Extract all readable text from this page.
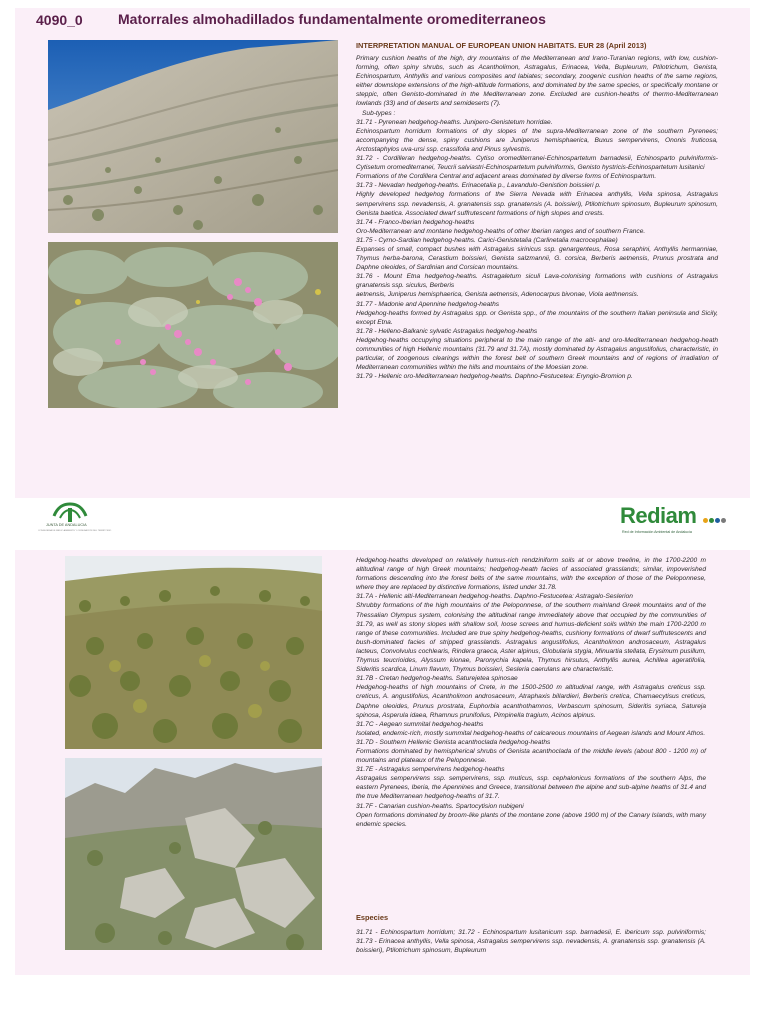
4090_0	Matorrales almohadillados fundamentalmente oromediterraneos
INTERPRETATION MANUAL OF EUROPEAN UNION HABITATS. EUR 28 (April 2013)

Primary cushion heaths of the high, dry mountains of the Mediterranean and Irano-Turanian regions, with low, cushion-forming, often spiny shrubs, such as Acantholimon, Astragalus, Erinacea, Vella, Bupleurum, Ptilotrichum, Genista, Echinospartum, Anthyllis and various composites and labiates; secondary, zoogenic cushion heaths of the same regions, either downslope extensions of the high-altitude formations, and dominated by the same species, or specifically montane or steppic, often Genisto-dominated in the Mediterranean zone. Excluded are cushion-heaths of thermo-Mediterranean lowlands (33) and of deserts and semideserts (7).

Sub-types :

31.71 - Pyrenean hedgehog-heaths. Junipero-Genistetum horridae.

Echinospartum horridum formations of dry slopes of the supra-Mediterranean zone of the southern Pyrenees; accompanying the dense, spiny cushions are Juniperus hemisphaerica, Buxus sempervirens, Ononis fruticosa, Arctostaphylos uva-ursi ssp. crassifolia and Pinus sylvestris.

31.72 - Cordilleran hedgehog-heaths. Cytiso oromediterranei-Echinospartetum barnadesii, Echinosparto pulviniformis-Cytisetum oromediterranei, Teucrii salviastri-Echinospartetum pulviniformis, Genisto hystricis-Echinospartetum lusitanici

Formations of the Cordillera Central and adjacent areas dominated by diverse forms of Echinospartum.

31.73 - Nevadan hedgehog-heaths. Erinacetalia p., Lavandulo-Genistion boissieri p.

Highly developed hedgehog formations of the Sierra Nevada with Erinacea anthyllis, Vella spinosa, Astragalus sempervirens ssp. nevadensis, A. granatensis ssp. granatensis (A. boissieri), Ptilotrichum spinosum, Bupleurum spinosum, Genista baetica. Associated dwarf suffrutescent formations of high slopes and crests.

31.74 - Franco-Iberian hedgehog-heaths

Oro-Mediterranean and montane hedgehog-heaths of other Iberian ranges and of southern France.

31.75 - Cyrno-Sardian hedgehog-heaths. Carici-Genistetalia (Carlinetalia macrocephalae)

Expanses of small, compact bushes with Astragalus sirinicus ssp. genargenteus, Rosa seraphini, Anthyllis hermanniae, Thymus herba-barona, Cerastium boissieri, Genista salzmannii, G. corsica, Berberis aetnensis, Prunus prostrata and Daphne oleoides, of Sardinian and Corsican mountains.

31.76 - Mount Etna hedgehog-heaths. Astragaletum siculi Lava-colonising formations with cushions of Astragalus granatensis ssp. siculus, Berberis

aetnensis, Juniperus hemisphaerica, Genista aetnensis, Adenocarpus bivonae, Viola aethnensis.

31.77 - Madonie and Apennine hedgehog-heaths

Hedgehog-heaths formed by Astragalus spp. or Genista spp., of the mountains of the southern Italian peninsula and Sicily, except Etna.

31.78 - Helleno-Balkanic sylvatic Astragalus hedgehog-heaths

Hedgehog-heaths occupying situations peripheral to the main range of the alti- and oro-Mediterranean hedgehog-heath communities of high Hellenic mountains (31.79 and 31.7A), mostly dominated by Astragalus angustifolius, characteristic, in particular, of zoogenous clearings within the forest belt of southern Greek mountains and of regions of irradiation of Mediterranean communities within the hills and mountains of the Moesian zone.

31.79 - Hellenic oro-Mediterranean hedgehog-heaths. Daphno-Festucetea: Eryngio-Bromion p.

JUNTA DE ANDALUCIA
CONSEJERÍA DE MEDIO AMBIENTE Y ORDENACIÓN DEL TERRITORIO
Rediam
Red de Información Ambiental de Andalucía

Hedgehog-heaths developed on relatively humus-rich rendziniform soils at or above treeline, in the 1700-2200 m altitudinal range of high Greek mountains; hedgehog-heath facies of associated grasslands; similar, impoverished formations descending into the forest belts of the same mountains, with the exception of those of the Peloponnese, where they are replaced by distinctive formations, listed under 31.78.

31.7A - Hellenic alti-Mediterranean hedgehog-heaths. Daphno-Festucetea: Astragalo-Seslerion

Shrubby formations of the high mountains of the Peloponnese, of the southern mainland Greek mountains and of the Thessalian Olympus system, colonising the altitudinal range immediately above that occupied by the communities of 31.79, as well as stony slopes with shallow soil, loose screes and humus-deficient soils within the main 1700-2200 m range of these communities. Included are true spiny hedgehog-heaths, cushiony formations of dwarf suffrutescents and bush-dominated facies of stripped grasslands. Astragalus angustifolius, Acantholimon androsaceum, Astragalus lacteus, Convolvulus cochlearis, Rindera graeca, Aster alpinus, Globularia stygia, Minuartia stellata, Erysimum pusillum, Thymus teucrioides, Alyssum kionae, Paronychia kapela, Thymus hirsutus, Anthyllis aurea, Achillea ageratifolia, Sideritis scardica, Linum flavum, Thymus boissieri, Sesleria caerulans are characteristic.

31.7B - Cretan hedgehog-heaths. Saturejetea spinosae

Hedgehog-heaths of high mountains of Crete, in the 1500-2500 m altitudinal range, with Astragalus creticus ssp. creticus, A. angustifolius, Acantholimon androsaceum, Atraphaxis billardieri, Berberis cretica, Chamaecytisus creticus, Daphne oleoides, Prunus prostrata, Euphorbia acanthothamnos, Verbascum spinosum, Sideritis syriaca, Satureja spinosa, Asperula idaea, Rhamnus prunifolius, Pimpinella tragium, Acinos alpinus.

31.7C - Aegean summital hedgehog-heaths

Isolated, endemic-rich, mostly summital hedgehog-heaths of calcareous mountains of Aegean islands and Mount Athos.

31.7D - Southern Hellenic Genista acanthoclada hedgehog-heaths

Formations dominated by hemispherical shrubs of Genista acanthoclada of the middle levels (about 800 - 1200 m) of mountains and plateaux of the Peloponnese.

31.7E - Astragalus sempervirens hedgehog-heaths

Astragalus sempervirens ssp. sempervirens, ssp. muticus, ssp. cephalonicus formations of the southern Alps, the eastern Pyrenees, Iberia, the Apennines and Greece, transitional between the alpine and sub-alpine heaths of 31.4 and the true Mediterranean hedgehog-heaths of 31.7.

31.7F - Canarian cushion-heaths. Spartocytision nubigeni

Open formations dominated by broom-like plants of the montane zone (above 1900 m) of the Canary Islands, with many endemic species.

Especies
31.71 - Echinospartum horridum; 31.72 - Echinospartum lusitanicum ssp. barnadesii, E. ibericum ssp. pulviniformis; 31.73 - Erinacea anthyllis, Vella spinosa, Astragalus sempervirens ssp. nevadensis, A. granatensis ssp. granatensis (A. boissieri), Ptilotrichum spinosum, Bupleurum
